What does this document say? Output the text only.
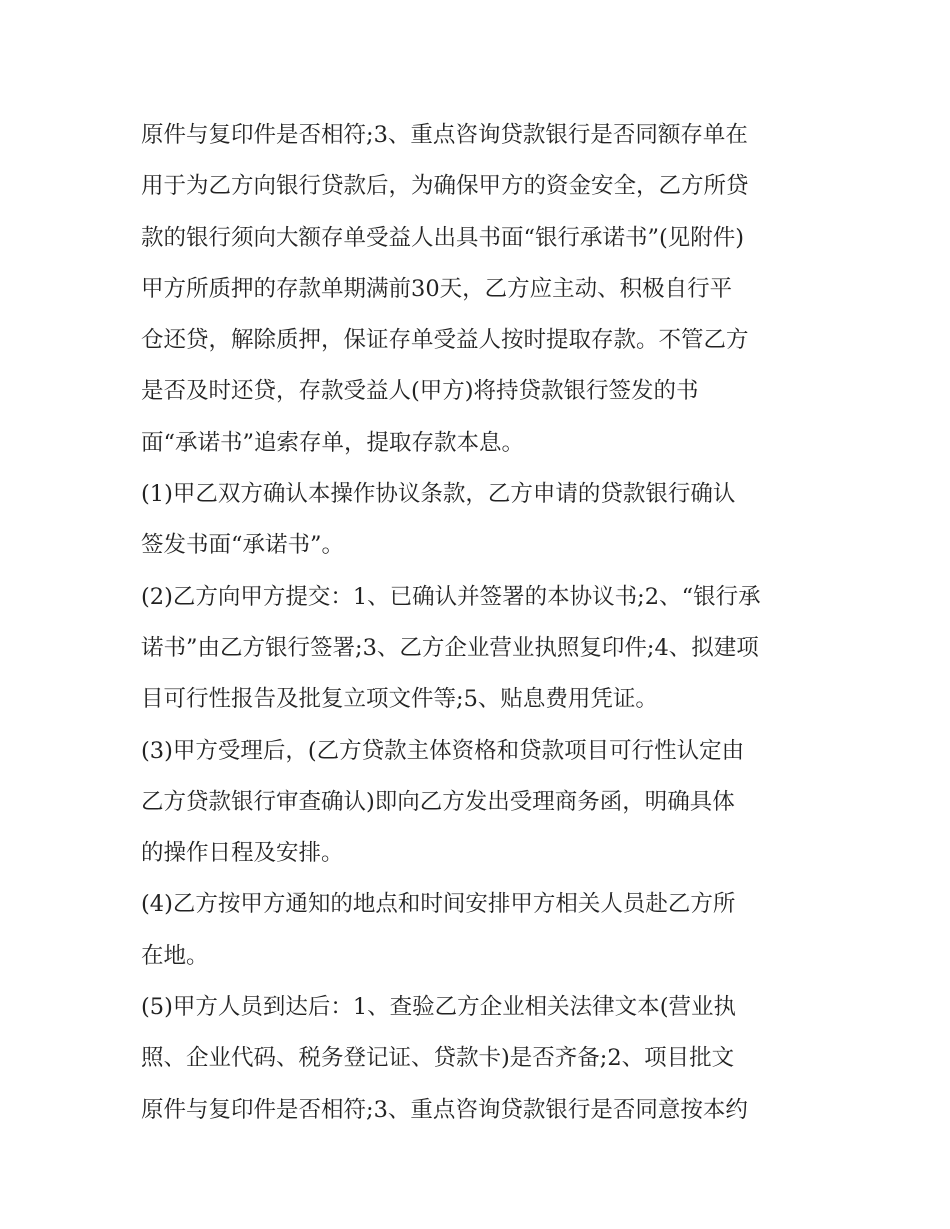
原件与复印件是否相符;3、重点咨询贷款银行是否同额存单在
用于为乙方向银行贷款后，为确保甲方的资金安全，乙方所贷
款的银行须向大额存单受益人出具书面“银行承诺书”(见附件)
甲方所质押的存款单期满前30天，乙方应主动、积极自行平
仓还贷，解除质押，保证存单受益人按时提取存款。不管乙方
是否及时还贷，存款受益人(甲方)将持贷款银行签发的书
面“承诺书”追索存单，提取存款本息。
(1)甲乙双方确认本操作协议条款，乙方申请的贷款银行确认
签发书面“承诺书”。
(2)乙方向甲方提交：1、已确认并签署的本协议书;2、“银行承
诺书”由乙方银行签署;3、乙方企业营业执照复印件;4、拟建项
目可行性报告及批复立项文件等;5、贴息费用凭证。
(3)甲方受理后，(乙方贷款主体资格和贷款项目可行性认定由
乙方贷款银行审查确认)即向乙方发出受理商务函，明确具体
的操作日程及安排。
(4)乙方按甲方通知的地点和时间安排甲方相关人员赴乙方所
在地。
(5)甲方人员到达后：1、查验乙方企业相关法律文本(营业执
照、企业代码、税务登记证、贷款卡)是否齐备;2、项目批文
原件与复印件是否相符;3、重点咨询贷款银行是否同意按本约
